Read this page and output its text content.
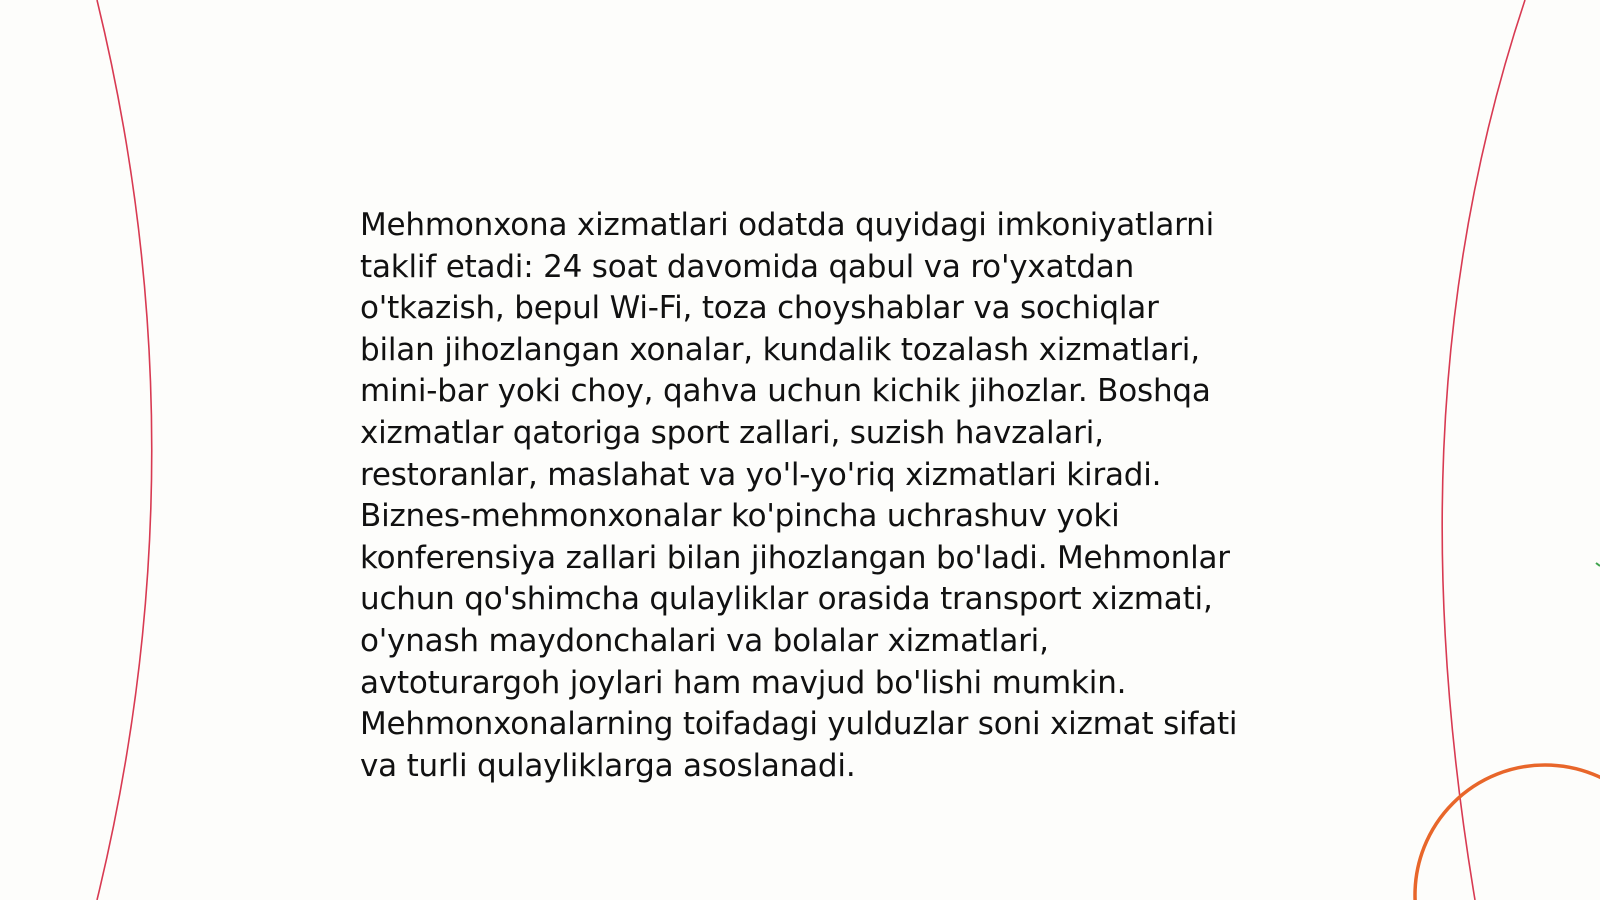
Mehmonxona xizmatlari odatda quyidagi imkoniyatlarni taklif etadi: 24 soat davomida qabul va ro'yxatdan o'tkazish, bepul Wi-Fi, toza choyshablar va sochiqlar bilan jihozlangan xonalar, kundalik tozalash xizmatlari, mini-bar yoki choy, qahva uchun kichik jihozlar. Boshqa xizmatlar qatoriga sport zallari, suzish havzalari, restoranlar, maslahat va yo'l-yo'riq xizmatlari kiradi. Biznes-mehmonxonalar ko'pincha uchrashuv yoki konferensiya zallari bilan jihozlangan bo'ladi. Mehmonlar uchun qo'shimcha qulayliklar orasida transport xizmati, o'ynash maydonchalari va bolalar xizmatlari, avtoturargoh joylari ham mavjud bo'lishi mumkin. Mehmonxonalarning toifadagi yulduzlar soni xizmat sifati va turli qulayliklarga asoslanadi.
